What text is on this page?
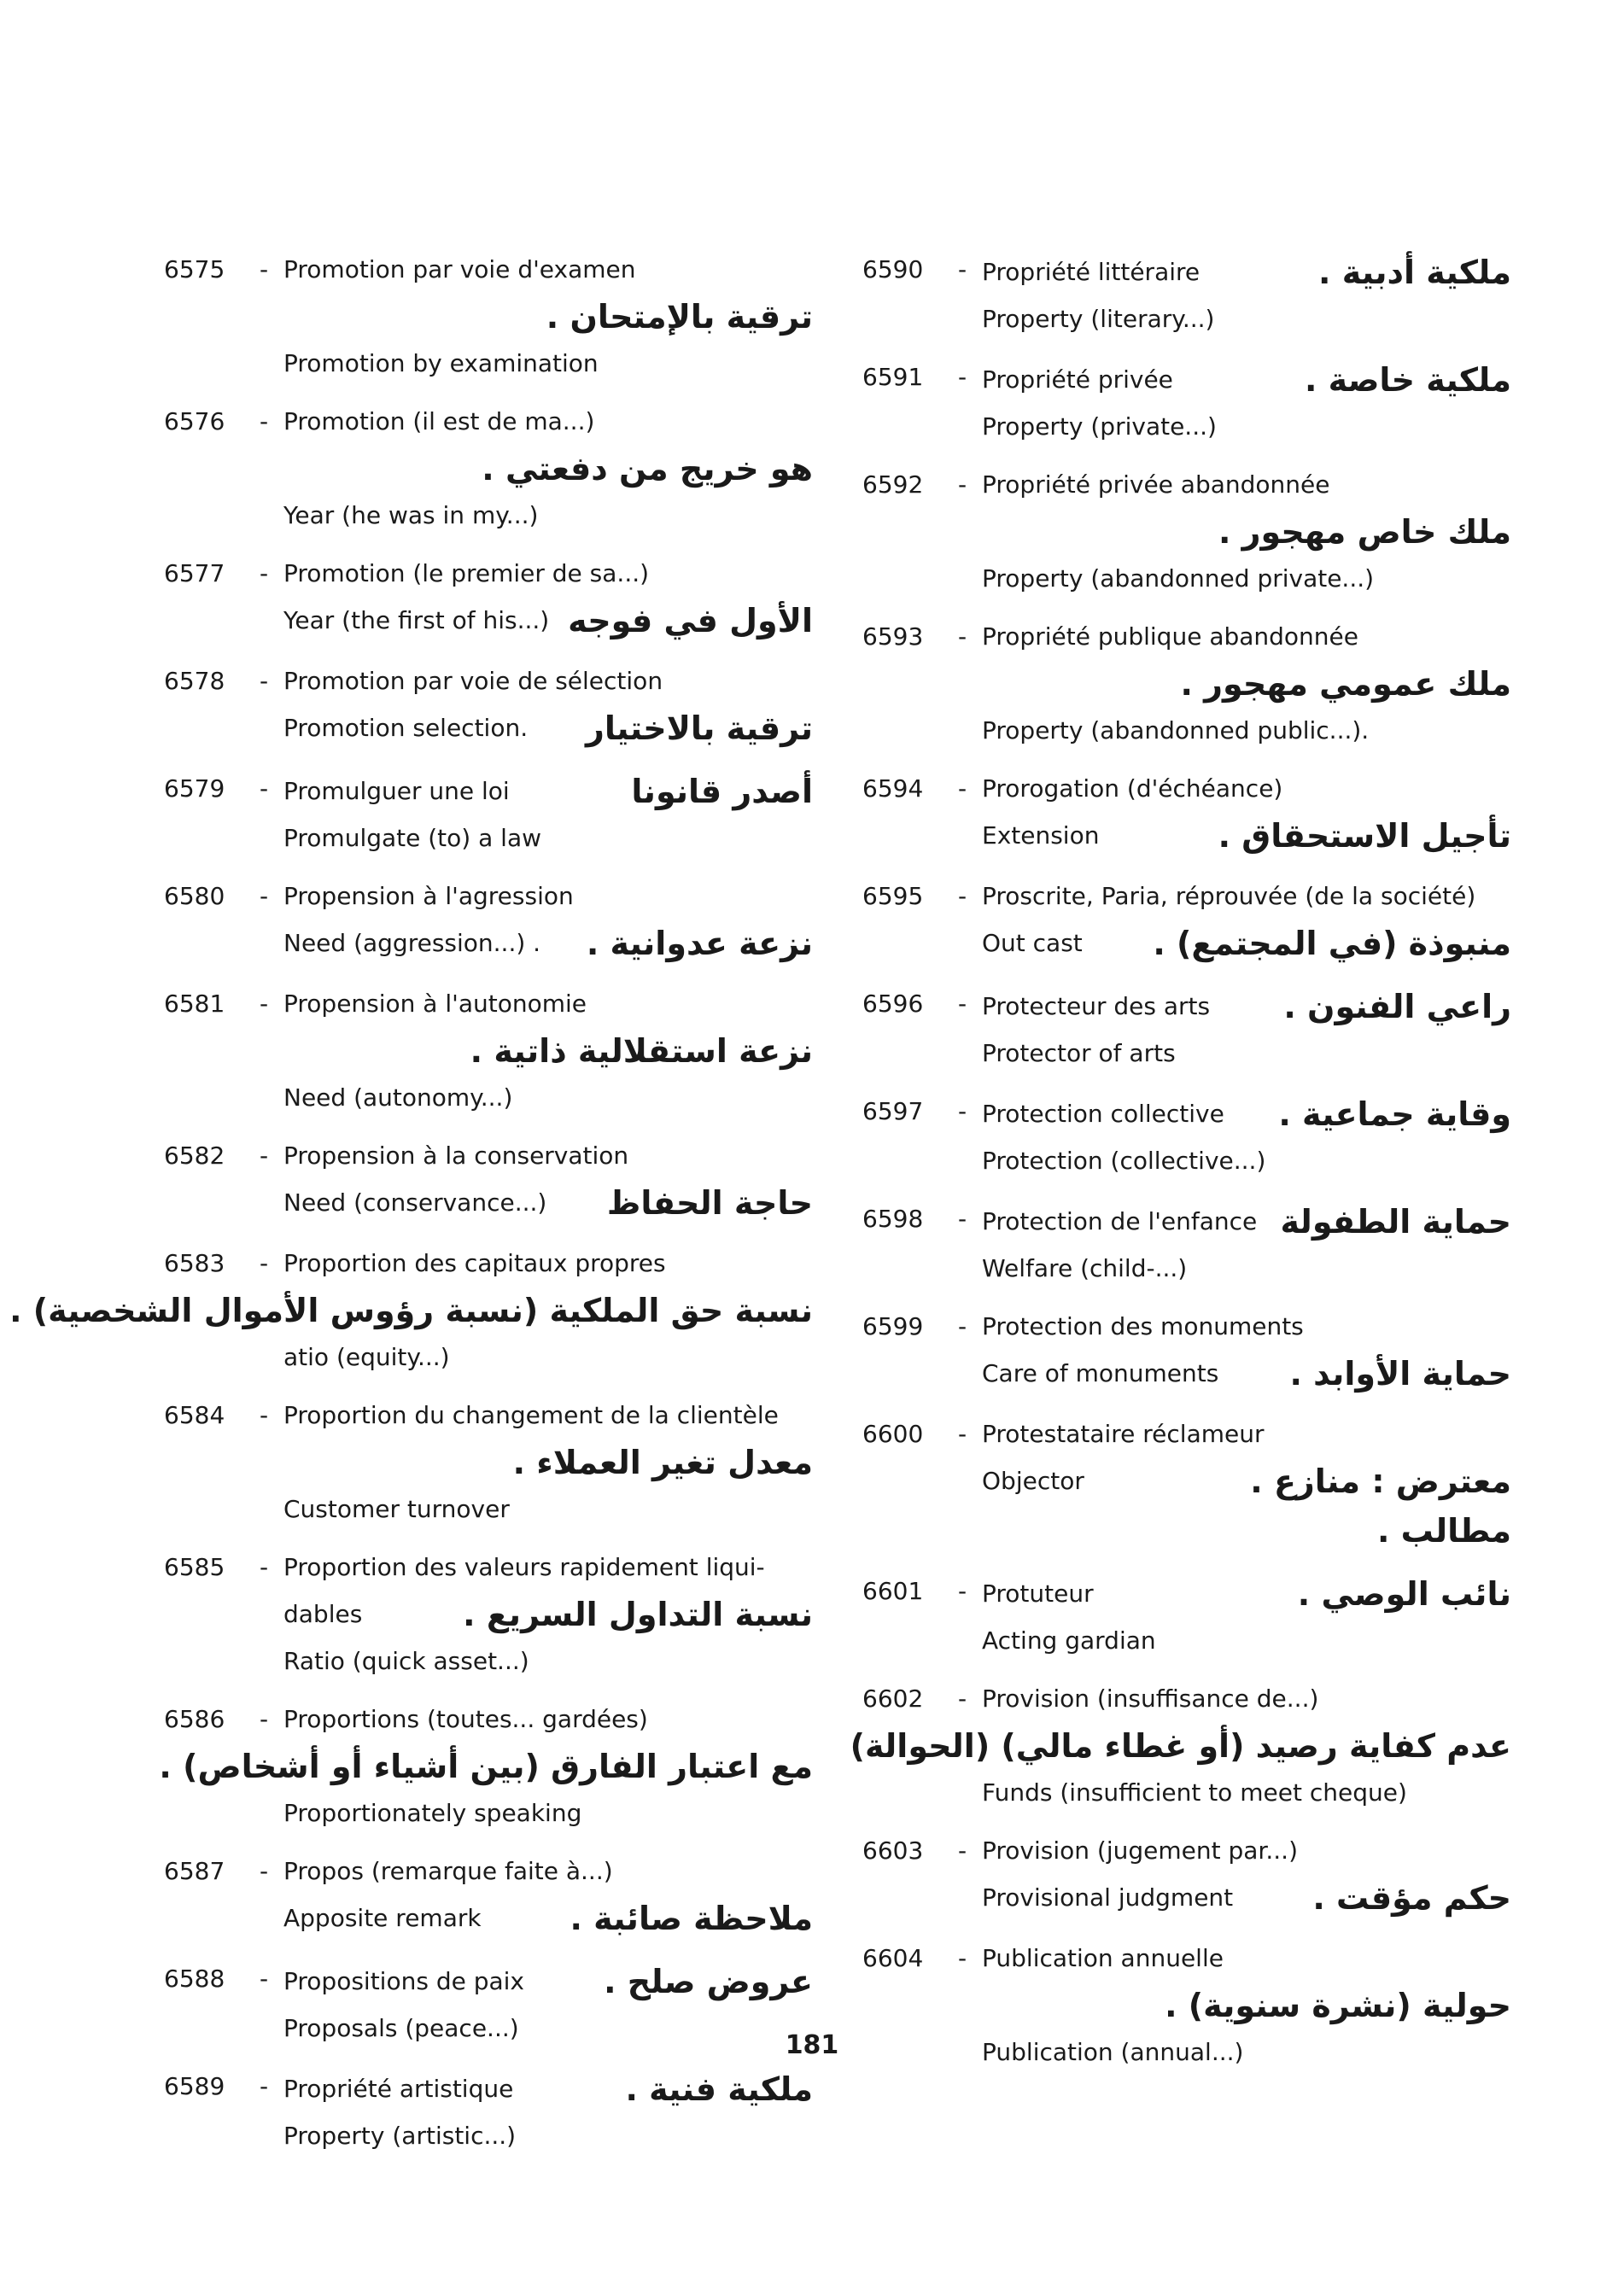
6575	- Promotion par voie d'examen
ترقية بالإمتحان .
Promotion by examination
6576	- Promotion (il est de ma...)
هو خريج من دفعتي .
Year (he was in my...)
6577	- Promotion (le premier de sa...)
Year (the first of his...) الأول في فوجه
6578	- Promotion par voie de sélection
Promotion selection. ترقية بالاختيار
6579	- Promulguer une loi	أصدر قانونا
Promulgate (to) a law
6580	- Propension à l'agression
Need (aggression...) . نزعة عدوانية .
6581	- Propension à l'autonomie
نزعة استقلالية ذاتية .
Need (autonomy...)
6582	- Propension à la conservation
Need (conservance...) حاجة الحفاظ
6583	- Proportion des capitaux propres
نسبة حق الملكية (نسبة رؤوس الأموال الشخصية) .
atio (equity...)
6584	- Proportion du changement de la clientèle
معدل تغير العملاء .
Customer turnover
6585	- Proportion des valeurs rapidement liqui-
dables	نسبة التداول السريع .
Ratio (quick asset...)
6586	- Proportions (toutes... gardées)
مع اعتبار الفارق (بين أشياء أو أشخاص) .
Proportionately speaking
6587	- Propos (remarque faite à...)
Apposite remark	ملاحظة صائبة .
6588	- Propositions de paix عروض صلح .
Proposals (peace...)
6589	- Propriété artistique	ملكية فنية .
Property (artistic...)
6590	- Propriété littéraire	ملكية أدبية .
Property (literary...)
6591	- Propriété privée	ملكية خاصة .
Property (private...)
6592	- Propriété privée abandonnée
ملك خاص مهجور .
Property (abandonned private...)
6593	- Propriété publique abandonnée
ملك عمومي مهجور .
Property (abandonned public...).
6594	- Prorogation (d'échéance)
Extension	تأجيل الاستحقاق .
6595	- Proscrite, Paria, réprouvée (de la société)
Out cast منبوذة (في المجتمع) .
6596	- Protecteur des arts راعي الفنون .
Protector of arts
6597	- Protection collective وقاية جماعية .
Protection (collective...)
6598	- Protection de l'enfance حماية الطفولة
Welfare (child-...)
6599	- Protection des monuments
Care of monuments حماية الأوابد .
6600	- Protestataire réclameur
Objector	معترض : منازع .
مطالب .
6601	- Protuteur	نائب الوصي .
Acting gardian
6602	- Provision (insuffisance de...)
عدم كفاية رصيد (أو غطاء مالي) (الحوالة)
Funds (insufficient to meet cheque)
6603	- Provision (jugement par...)
Provisional judgment حكم مؤقت .
6604	- Publication annuelle
حولية (نشرة سنوية) .
Publication (annual...)
181
